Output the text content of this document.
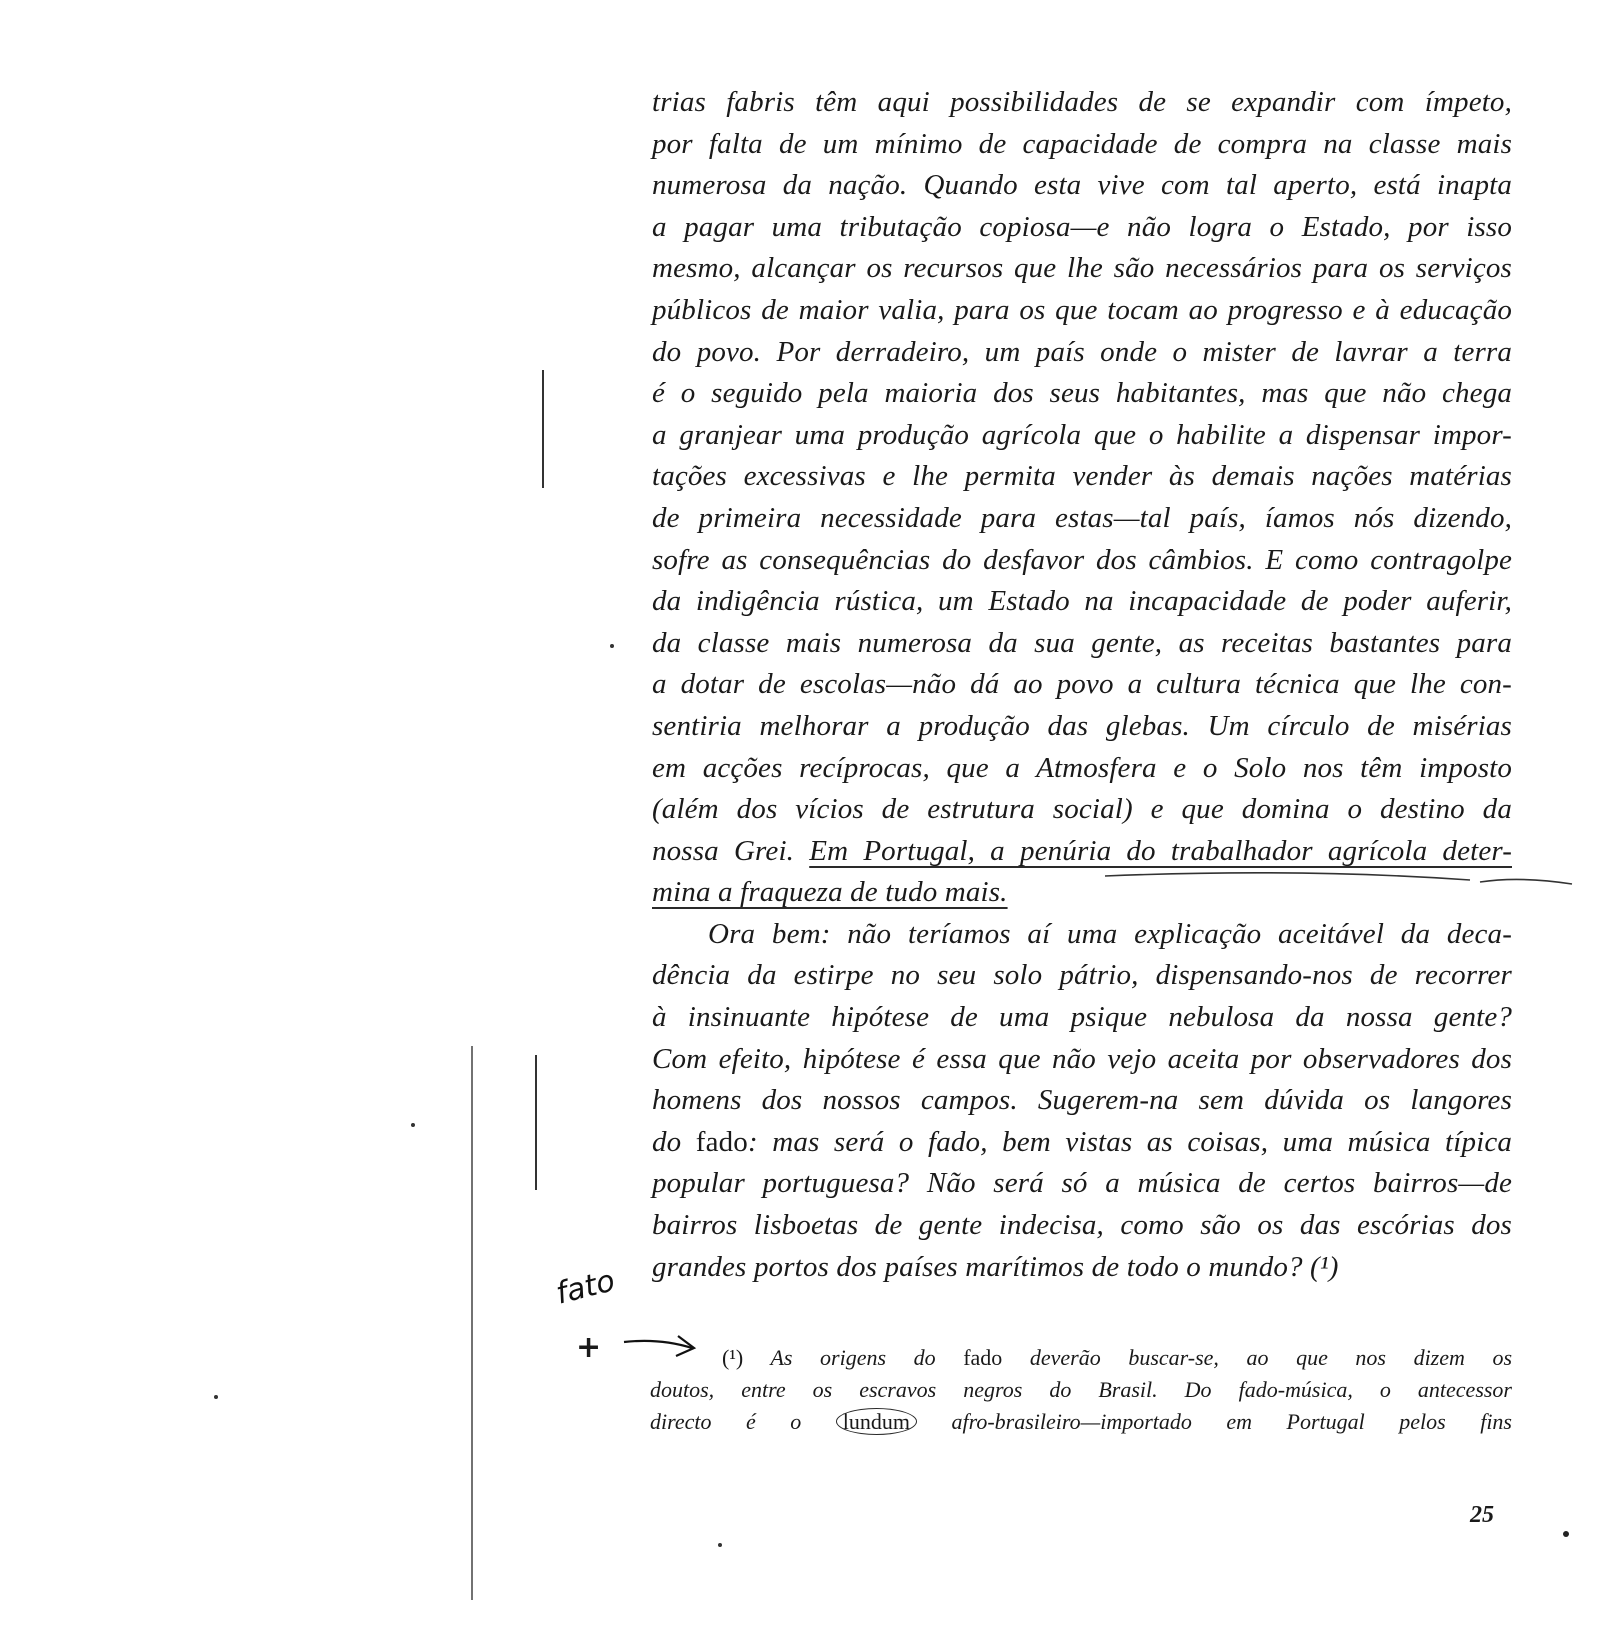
trias fabris têm aqui possibilidades de se expandir com ímpeto,
por falta de um mínimo de capacidade de compra na classe mais
numerosa da nação. Quando esta vive com tal aperto, está inapta
a pagar uma tributação copiosa—e não logra o Estado, por isso
mesmo, alcançar os recursos que lhe são necessários para os serviços
públicos de maior valia, para os que tocam ao progresso e à educação
do povo. Por derradeiro, um país onde o mister de lavrar a terra
é o seguido pela maioria dos seus habitantes, mas que não chega
a granjear uma produção agrícola que o habilite a dispensar impor-
tações excessivas e lhe permita vender às demais nações matérias
de primeira necessidade para estas—tal país, íamos nós dizendo,
sofre as consequências do desfavor dos câmbios. E como contragolpe
da indigência rústica, um Estado na incapacidade de poder auferir,
da classe mais numerosa da sua gente, as receitas bastantes para
a dotar de escolas—não dá ao povo a cultura técnica que lhe con-
sentiria melhorar a produção das glebas. Um círculo de misérias
em acções recíprocas, que a Atmosfera e o Solo nos têm imposto
(além dos vícios de estrutura social) e que domina o destino da
nossa Grei. Em Portugal, a penúria do trabalhador agrícola deter-
mina a fraqueza de tudo mais.
Ora bem: não teríamos aí uma explicação aceitável da deca-
dência da estirpe no seu solo pátrio, dispensando-nos de recorrer
à insinuante hipótese de uma psique nebulosa da nossa gente?
Com efeito, hipótese é essa que não vejo aceita por observadores dos
homens dos nossos campos. Sugerem-na sem dúvida os langores
do fado: mas será o fado, bem vistas as coisas, uma música típica
popular portuguesa? Não será só a música de certos bairros—de
bairros lisboetas de gente indecisa, como são os das escórias dos
grandes portos dos países marítimos de todo o mundo? (¹)
fato
+	(¹) As origens do fado deverão buscar-se, ao que nos dizem os
doutos, entre os escravos negros do Brasil. Do fado-música, o antecessor
directo é o lundum afro-brasileiro—importado em Portugal pelos fins
25
